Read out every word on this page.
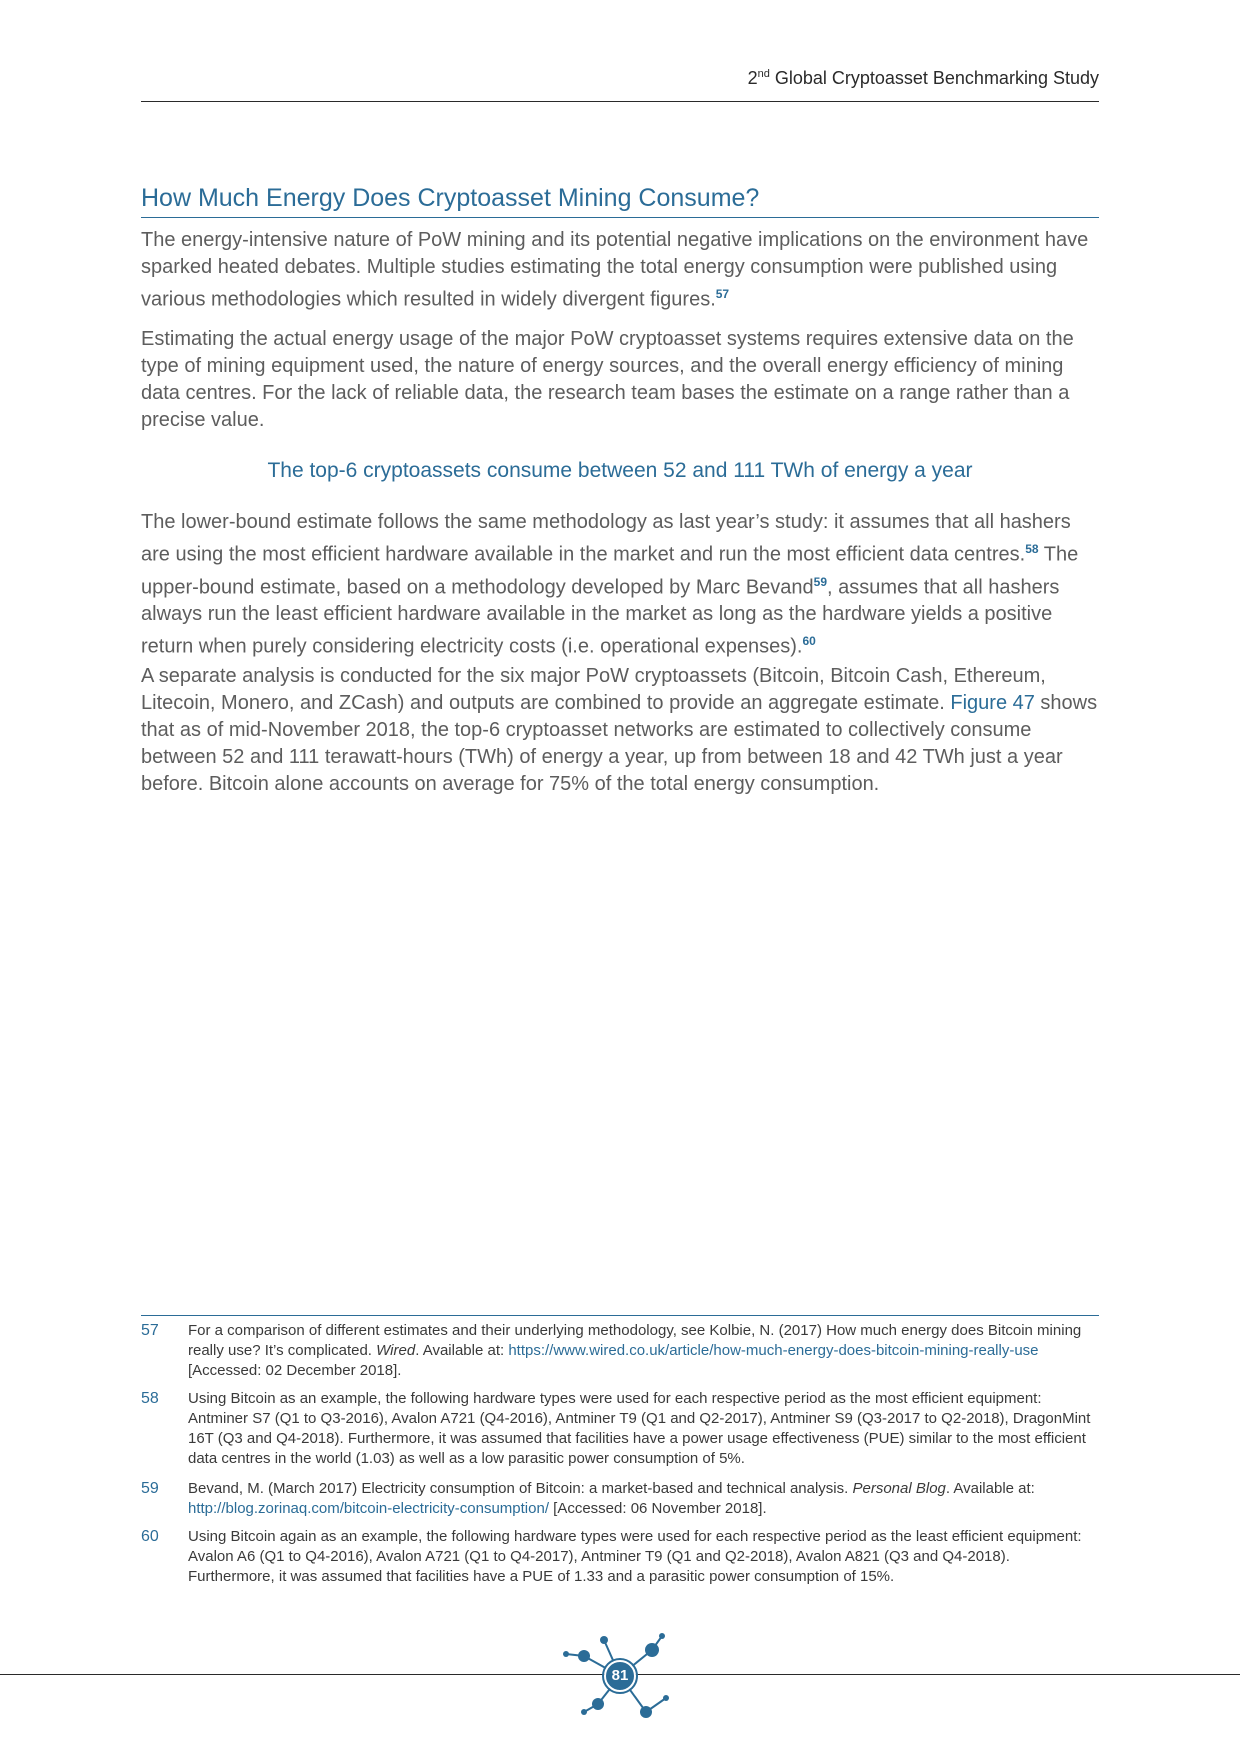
2nd Global Cryptoasset Benchmarking Study
How Much Energy Does Cryptoasset Mining Consume?

The energy-intensive nature of PoW mining and its potential negative implications on the environment have sparked heated debates. Multiple studies estimating the total energy consumption were published using various methodologies which resulted in widely divergent figures.$^{57}$

Estimating the actual energy usage of the major PoW cryptoasset systems requires extensive data on the type of mining equipment used, the nature of energy sources, and the overall energy efficiency of mining data centres. For the lack of reliable data, the research team bases the estimate on a range rather than a precise value.

The top-6 cryptoassets consume between 52 and 111 TWh of energy a year

The lower-bound estimate follows the same methodology as last year’s study: it assumes that all hashers are using the most efficient hardware available in the market and run the most efficient data centres.$^{58}$ The upper-bound estimate, based on a methodology developed by Marc Bevand$^{59}$, assumes that all hashers always run the least efficient hardware available in the market as long as the hardware yields a positive return when purely considering electricity costs (i.e. operational expenses).$^{60}$

A separate analysis is conducted for the six major PoW cryptoassets (Bitcoin, Bitcoin Cash, Ethereum, Litecoin, Monero, and ZCash) and outputs are combined to provide an aggregate estimate. Figure 47 shows that as of mid-November 2018, the top-6 cryptoasset networks are estimated to collectively consume between 52 and 111 terawatt-hours (TWh) of energy a year, up from between 18 and 42 TWh just a year before. Bitcoin alone accounts on average for 75% of the total energy consumption.

57 For a comparison of different estimates and their underlying methodology, see Kolbie, N. (2017) How much energy does Bitcoin mining really use? It’s complicated. Wired. Available at: https://www.wired.co.uk/article/how-much-energy-does-bitcoin-mining-really-use [Accessed: 02 December 2018].
58 Using Bitcoin as an example, the following hardware types were used for each respective period as the most efficient equipment: Antminer S7 (Q1 to Q3-2016), Avalon A721 (Q4-2016), Antminer T9 (Q1 and Q2-2017), Antminer S9 (Q3-2017 to Q2-2018), DragonMint 16T (Q3 and Q4-2018). Furthermore, it was assumed that facilities have a power usage effectiveness (PUE) similar to the most efficient data centres in the world (1.03) as well as a low parasitic power consumption of 5%.
59 Bevand, M. (March 2017) Electricity consumption of Bitcoin: a market-based and technical analysis. Personal Blog. Available at: http://blog.zorinaq.com/bitcoin-electricity-consumption/ [Accessed: 06 November 2018].
60 Using Bitcoin again as an example, the following hardware types were used for each respective period as the least efficient equipment: Avalon A6 (Q1 to Q4-2016), Avalon A721 (Q1 to Q4-2017), Antminer T9 (Q1 and Q2-2018), Avalon A821 (Q3 and Q4-2018). Furthermore, it was assumed that facilities have a PUE of 1.33 and a parasitic power consumption of 15%.
81
